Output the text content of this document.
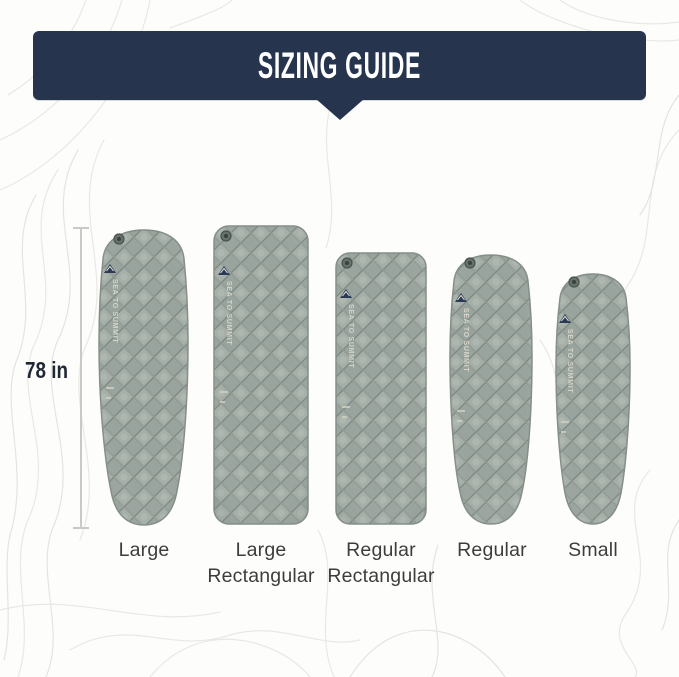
SIZING GUIDE
78 in
SEA TO SUMMIT	SEA TO SUMMIT	SEA TO SUMMIT	SEA TO SUMMIT	SEA TO SUMMIT
Large	Large Rectangular
Regular Rectangular
Regular	Small
